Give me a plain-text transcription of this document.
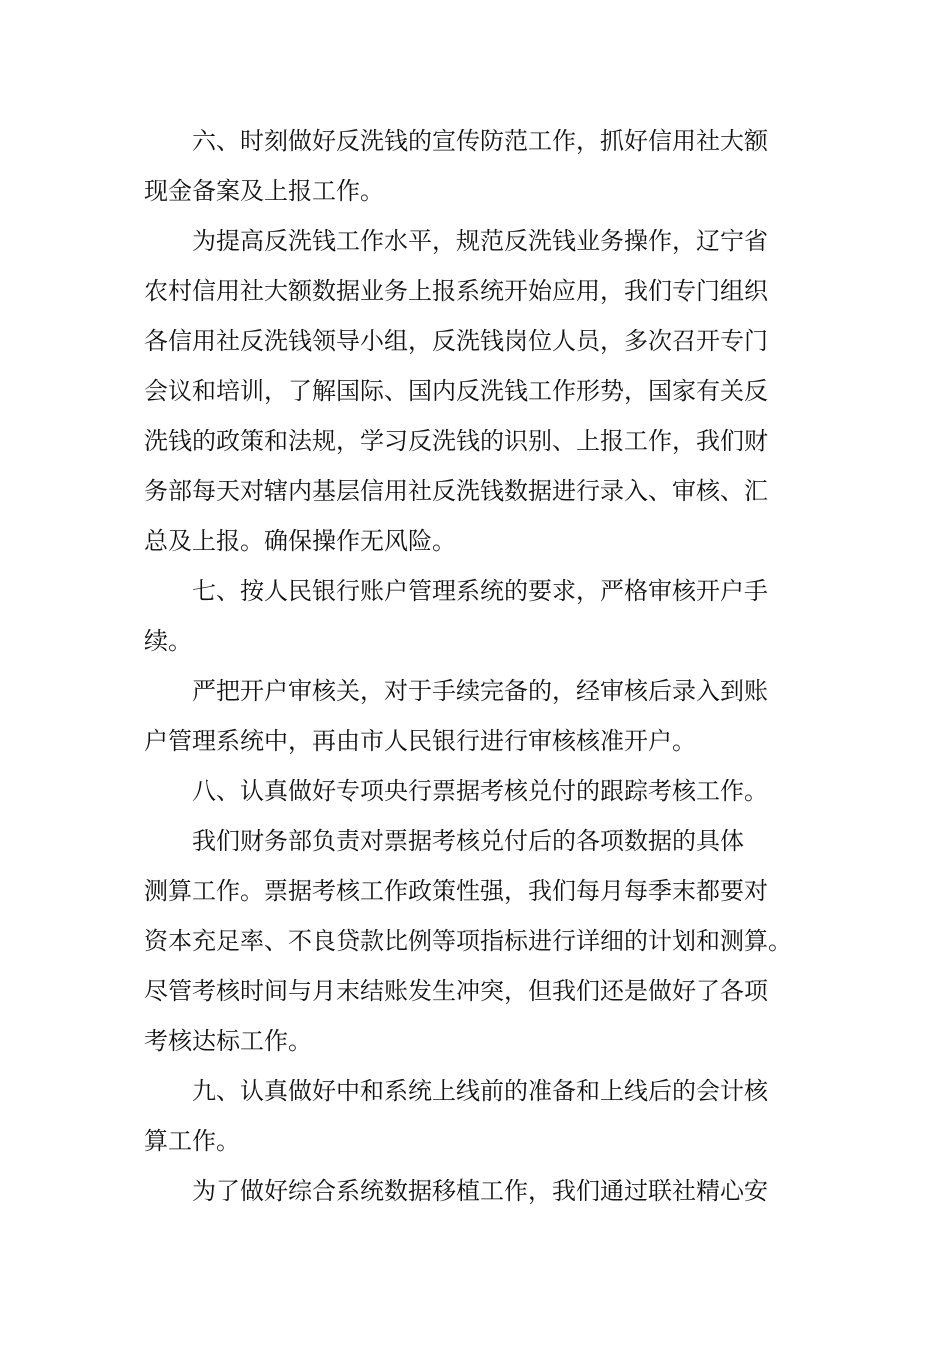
六、时刻做好反洗钱的宣传防范工作，抓好信用社大额
现金备案及上报工作。
为提高反洗钱工作水平，规范反洗钱业务操作，辽宁省
农村信用社大额数据业务上报系统开始应用，我们专门组织
各信用社反洗钱领导小组，反洗钱岗位人员，多次召开专门
会议和培训，了解国际、国内反洗钱工作形势，国家有关反
洗钱的政策和法规，学习反洗钱的识别、上报工作，我们财
务部每天对辖内基层信用社反洗钱数据进行录入、审核、汇
总及上报。确保操作无风险。
七、按人民银行账户管理系统的要求，严格审核开户手
续。
严把开户审核关，对于手续完备的，经审核后录入到账
户管理系统中，再由市人民银行进行审核核准开户。
八、认真做好专项央行票据考核兑付的跟踪考核工作。
我们财务部负责对票据考核兑付后的各项数据的具体
测算工作。票据考核工作政策性强，我们每月每季末都要对
资本充足率、不良贷款比例等项指标进行详细的计划和测算。
尽管考核时间与月末结账发生冲突，但我们还是做好了各项
考核达标工作。
九、认真做好中和系统上线前的准备和上线后的会计核
算工作。
为了做好综合系统数据移植工作，我们通过联社精心安
